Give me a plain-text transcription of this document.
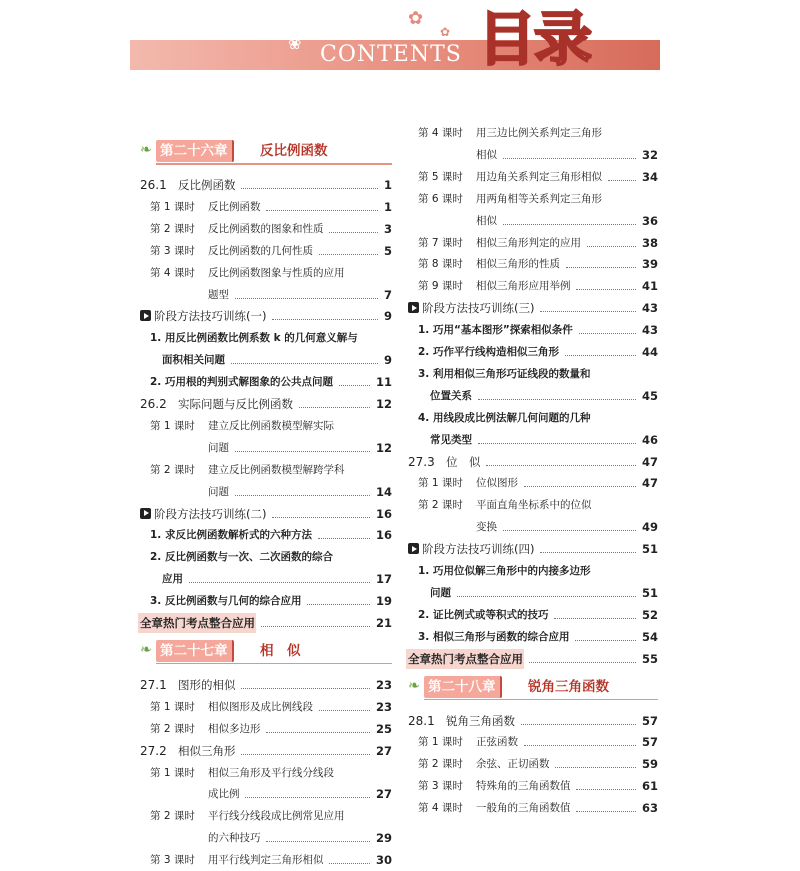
✿
✿
❀ CONTENTS 目录
❧ 第二十六章	反比例函数
26.1 反比例函数	1
第 1 课时 反比例函数	1
第 2 课时 反比例函数的图象和性质	3
第 3 课时 反比例函数的几何性质	5
第 4 课时 反比例函数图象与性质的应用
题型	7
阶段方法技巧训练(一)	9
1. 用反比例函数比例系数 k 的几何意义解与
面积相关问题	9
2. 巧用根的判别式解图象的公共点问题	11
26.2 实际问题与反比例函数	12
第 1 课时 建立反比例函数模型解实际
问题	12
第 2 课时 建立反比例函数模型解跨学科
问题	14
阶段方法技巧训练(二)	16
1. 求反比例函数解析式的六种方法	16
2. 反比例函数与一次、二次函数的综合
应用	17
3. 反比例函数与几何的综合应用	19
全章热门考点整合应用	21
❧ 第二十七章	相　似
27.1 图形的相似	23
第 1 课时 相似图形及成比例线段	23
第 2 课时 相似多边形	25
27.2 相似三角形	27
第 1 课时 相似三角形及平行线分线段
成比例	27
第 2 课时 平行线分线段成比例常见应用
的六种技巧	29
第 3 课时 用平行线判定三角形相似	30
第 4 课时 用三边比例关系判定三角形
相似	32
第 5 课时 用边角关系判定三角形相似	34
第 6 课时 用两角相等关系判定三角形
相似	36
第 7 课时 相似三角形判定的应用	38
第 8 课时 相似三角形的性质	39
第 9 课时 相似三角形应用举例	41
阶段方法技巧训练(三)	43
1. 巧用“基本图形”探索相似条件	43
2. 巧作平行线构造相似三角形	44
3. 利用相似三角形巧证线段的数量和
位置关系	45
4. 用线段成比例法解几何问题的几种
常见类型	46
27.3 位　似	47
第 1 课时 位似图形	47
第 2 课时 平面直角坐标系中的位似
变换	49
阶段方法技巧训练(四)	51
1. 巧用位似解三角形中的内接多边形
问题	51
2. 证比例式或等积式的技巧	52
3. 相似三角形与函数的综合应用	54
全章热门考点整合应用	55
❧ 第二十八章	锐角三角函数
28.1 锐角三角函数	57
第 1 课时 正弦函数	57
第 2 课时 余弦、正切函数	59
第 3 课时 特殊角的三角函数值	61
第 4 课时 一般角的三角函数值	63
